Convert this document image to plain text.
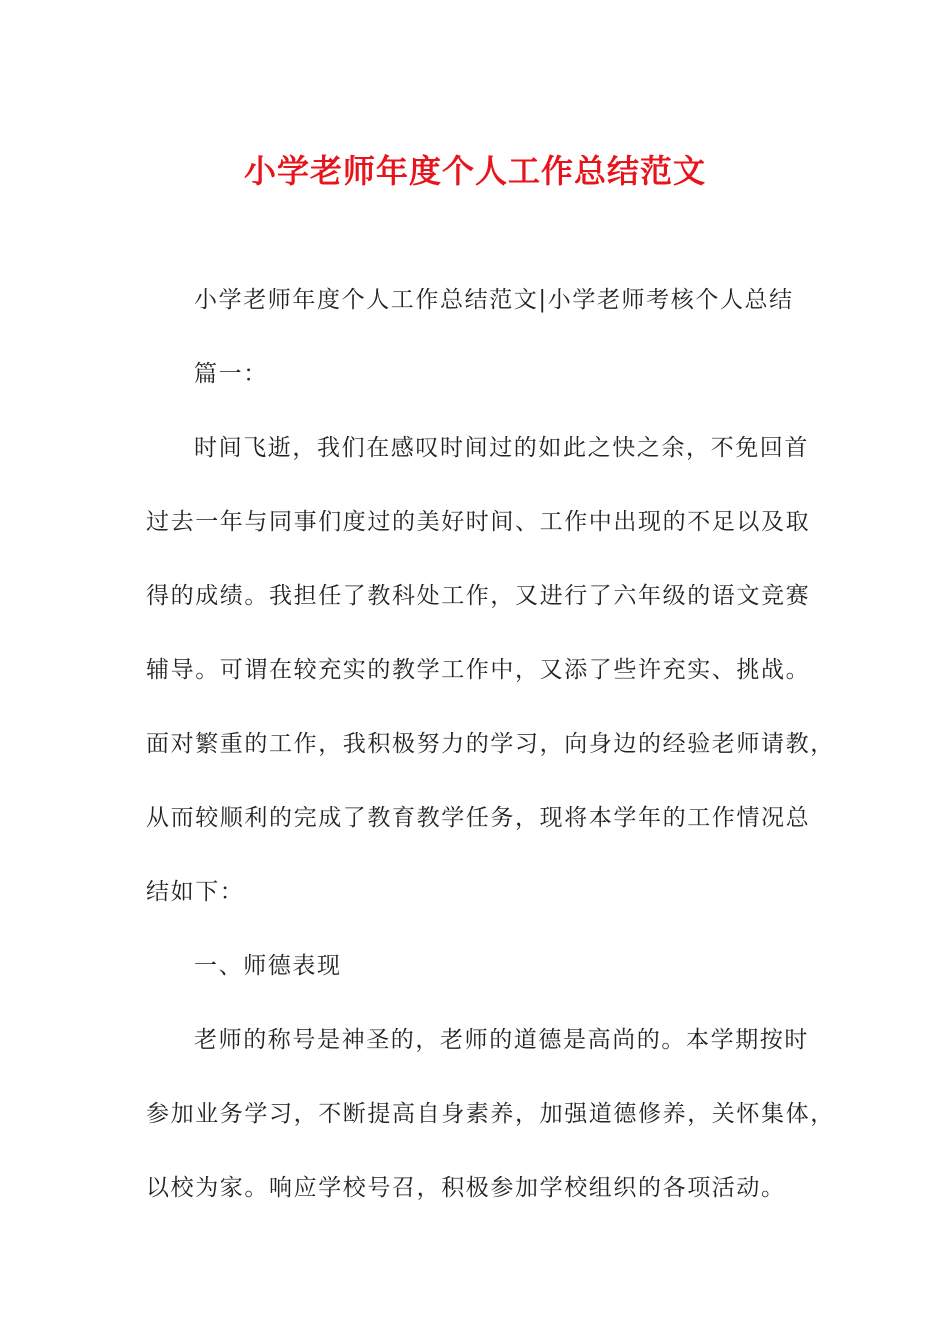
小学老师年度个人工作总结范文
小学老师年度个人工作总结范文|小学老师考核个人总结
篇一：
时间飞逝，我们在感叹时间过的如此之快之余，不免回首
过去一年与同事们度过的美好时间、工作中出现的不足以及取
得的成绩。我担任了教科处工作，又进行了六年级的语文竞赛
辅导。可谓在较充实的教学工作中，又添了些许充实、挑战。
面对繁重的工作，我积极努力的学习，向身边的经验老师请教，
从而较顺利的完成了教育教学任务，现将本学年的工作情况总
结如下：
一、师德表现
老师的称号是神圣的，老师的道德是高尚的。本学期按时
参加业务学习，不断提高自身素养，加强道德修养，关怀集体，
以校为家。响应学校号召，积极参加学校组织的各项活动。
